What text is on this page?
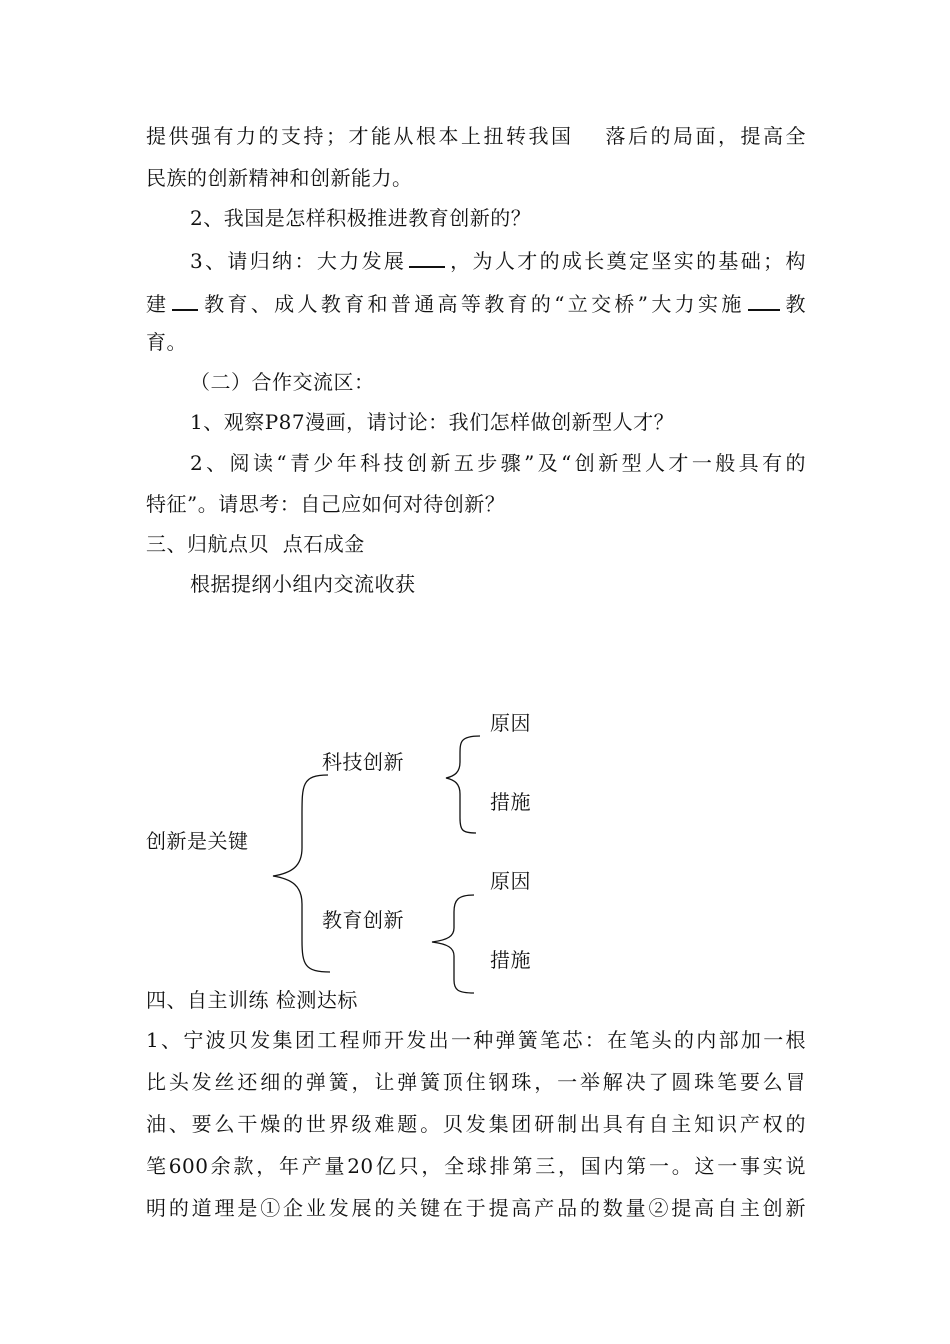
提供强有力的支持；才能从根本上扭转我国 落后的局面，提高全
民族的创新精神和创新能力。
2、我国是怎样积极推进教育创新的？
3、请归纳：大力发展 ，为人才的成长奠定坚实的基础；构
建 教育、成人教育和普通高等教育的“立交桥”大力实施 教
育。
（二）合作交流区：
1、观察P87漫画，请讨论：我们怎样做创新型人才？
2、阅读“青少年科技创新五步骤”及“创新型人才一般具有的
特征”。请思考：自己应如何对待创新？
三、归航点贝  点石成金
根据提纲小组内交流收获
创新是关键
科技创新
原因
措施
教育创新
原因
措施
四、自主训练 检测达标
1、宁波贝发集团工程师开发出一种弹簧笔芯：在笔头的内部加一根
比头发丝还细的弹簧，让弹簧顶住钢珠，一举解决了圆珠笔要么冒
油、要么干燥的世界级难题。贝发集团研制出具有自主知识产权的
笔600余款，年产量20亿只，全球排第三，国内第一。这一事实说
明的道理是①企业发展的关键在于提高产品的数量②提高自主创新
